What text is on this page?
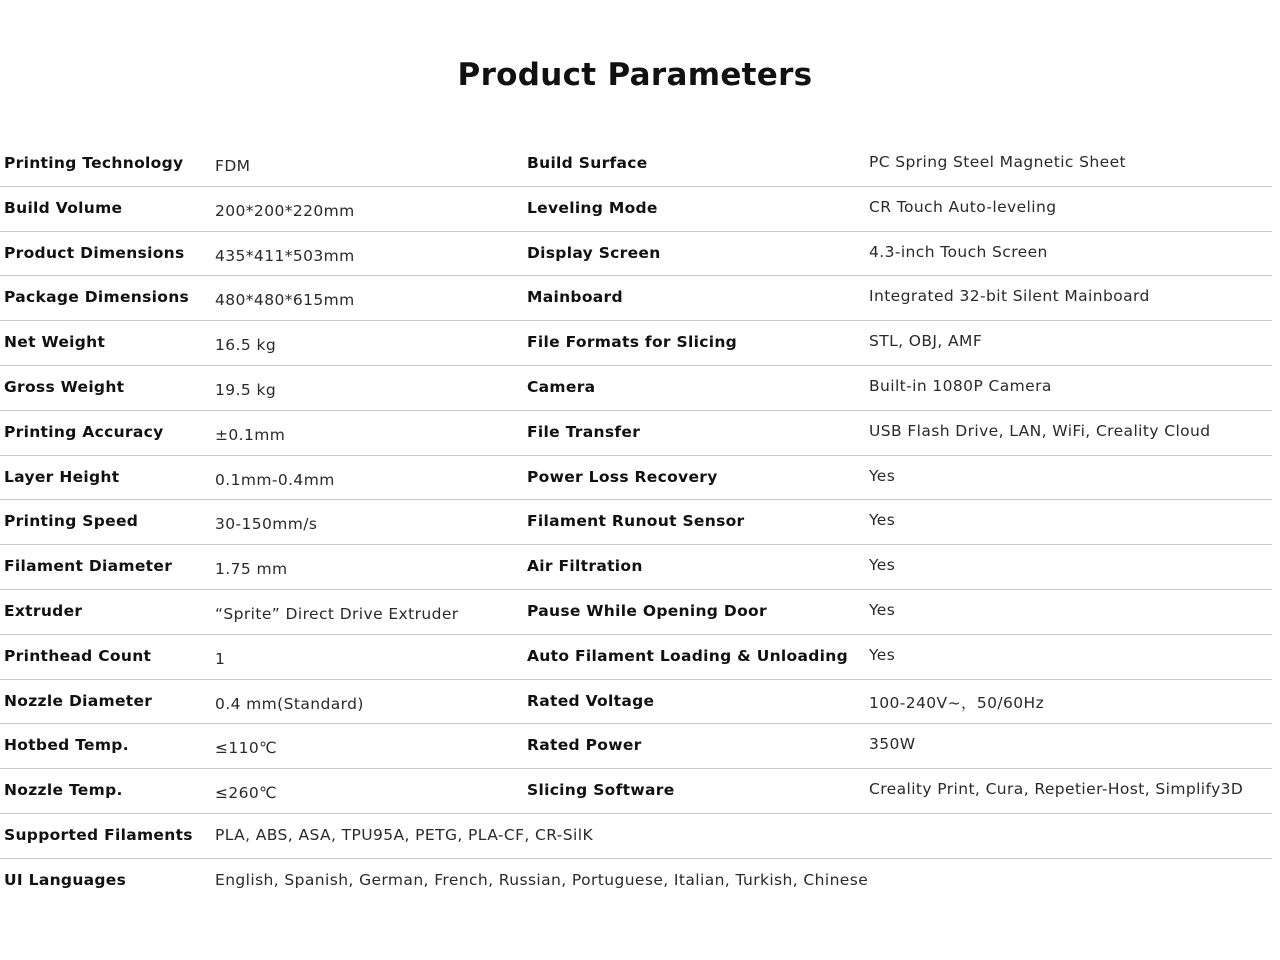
Product Parameters
Printing Technology FDM	Build Surface	PC Spring Steel Magnetic Sheet
Build Volume	200*200*220mm	Leveling Mode	CR Touch Auto-leveling
Product Dimensions 435*411*503mm	Display Screen	4.3-inch Touch Screen
Package Dimensions 480*480*615mm	Mainboard	Integrated 32-bit Silent Mainboard
Net Weight	16.5 kg	File Formats for Slicing	STL, OBJ, AMF
Gross Weight	19.5 kg	Camera	Built-in 1080P Camera
Printing Accuracy	±0.1mm	File Transfer	USB Flash Drive, LAN, WiFi, Creality Cloud
Layer Height	0.1mm-0.4mm	Power Loss Recovery	Yes
Printing Speed	30-150mm/s	Filament Runout Sensor	Yes
Filament Diameter	1.75 mm	Air Filtration	Yes
Extruder	“Sprite” Direct Drive Extruder	Pause While Opening Door	Yes
Printhead Count	1	Auto Filament Loading & Unloading Yes
Nozzle Diameter	0.4 mm(Standard)	Rated Voltage	100-240V~，50/60Hz
Hotbed Temp.	≤110℃	Rated Power	350W
Nozzle Temp.	≤260℃	Slicing Software	Creality Print, Cura, Repetier-Host, Simplify3D
Supported Filaments PLA, ABS, ASA, TPU95A, PETG, PLA-CF, CR-SilK
UI Languages	English, Spanish, German, French, Russian, Portuguese, Italian, Turkish, Chinese
